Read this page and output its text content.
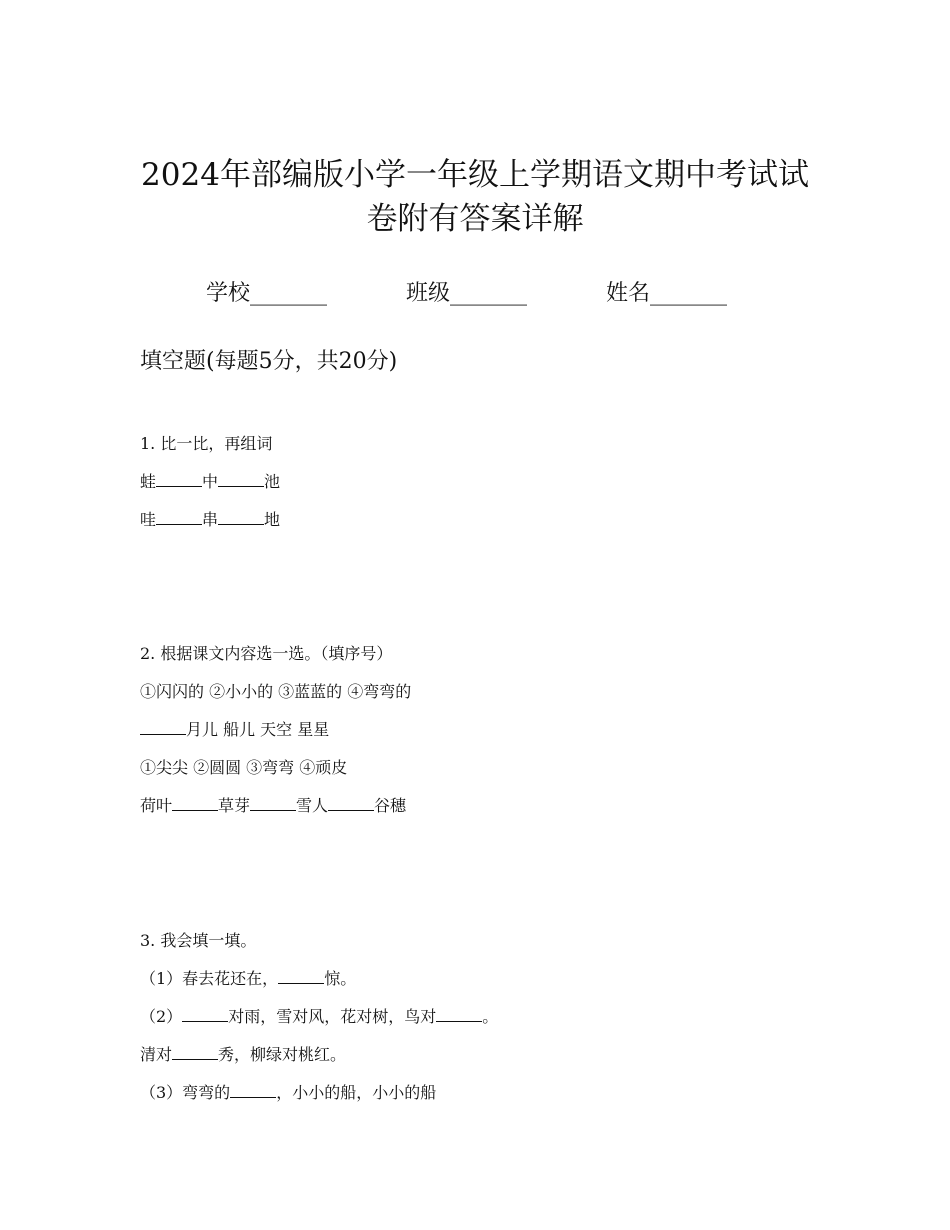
2024年部编版小学一年级上学期语文期中考试试
卷附有答案详解
学校_______	班级_______	姓名_______
填空题(每题5分，共20分)
1. 比一比，再组词
蛙	中	池
哇	串	地
2. 根据课文内容选一选。（填序号）
①闪闪的 ②小小的 ③蓝蓝的 ④弯弯的
月儿 船儿 天空 星星
①尖尖 ②圆圆 ③弯弯 ④顽皮
荷叶	草芽	雪人	谷穗
3. 我会填一填。
（1）春去花还在，	惊。
（2）	对雨，雪对风，花对树，鸟对	。
清对	秀，柳绿对桃红。
（3）弯弯的	，小小的船，小小的船
